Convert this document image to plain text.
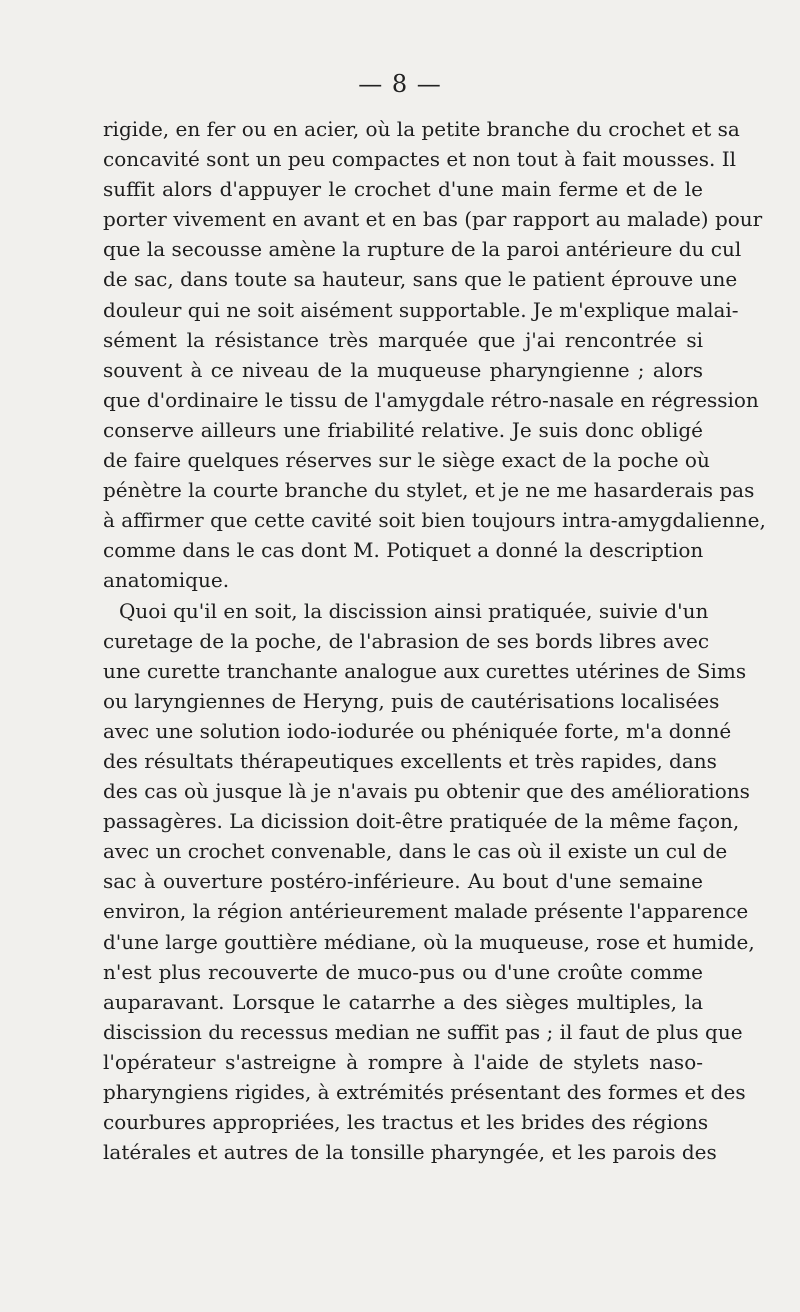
— 8 —
rigide, en fer ou en acier, où la petite branche du crochet et sa
concavité sont un peu compactes et non tout à fait mousses. Il
suffit alors d'appuyer le crochet d'une main ferme et de le
porter vivement en avant et en bas (par rapport au malade) pour
que la secousse amène la rupture de la paroi antérieure du cul
de sac, dans toute sa hauteur, sans que le patient éprouve une
douleur qui ne soit aisément supportable. Je m'explique malai-
sément la résistance très marquée que j'ai rencontrée si
souvent à ce niveau de la muqueuse pharyngienne ; alors
que d'ordinaire le tissu de l'amygdale rétro-nasale en régression
conserve ailleurs une friabilité relative. Je suis donc obligé
de faire quelques réserves sur le siège exact de la poche où
pénètre la courte branche du stylet, et je ne me hasarderais pas
à affirmer que cette cavité soit bien toujours intra-amygdalienne,
comme dans le cas dont M. Potiquet a donné la description
anatomique.
Quoi qu'il en soit, la discission ainsi pratiquée, suivie d'un
curetage de la poche, de l'abrasion de ses bords libres avec
une curette tranchante analogue aux curettes utérines de Sims
ou laryngiennes de Heryng, puis de cautérisations localisées
avec une solution iodo-iodurée ou phéniquée forte, m'a donné
des résultats thérapeutiques excellents et très rapides, dans
des cas où jusque là je n'avais pu obtenir que des améliorations
passagères. La dicission doit-être pratiquée de la même façon,
avec un crochet convenable, dans le cas où il existe un cul de
sac à ouverture postéro-inférieure. Au bout d'une semaine
environ, la région antérieurement malade présente l'apparence
d'une large gouttière médiane, où la muqueuse, rose et humide,
n'est plus recouverte de muco-pus ou d'une croûte comme
auparavant. Lorsque le catarrhe a des sièges multiples, la
discission du recessus median ne suffit pas ; il faut de plus que
l'opérateur s'astreigne à rompre à l'aide de stylets naso-
pharyngiens rigides, à extrémités présentant des formes et des
courbures appropriées, les tractus et les brides des régions
latérales et autres de la tonsille pharyngée, et les parois des
